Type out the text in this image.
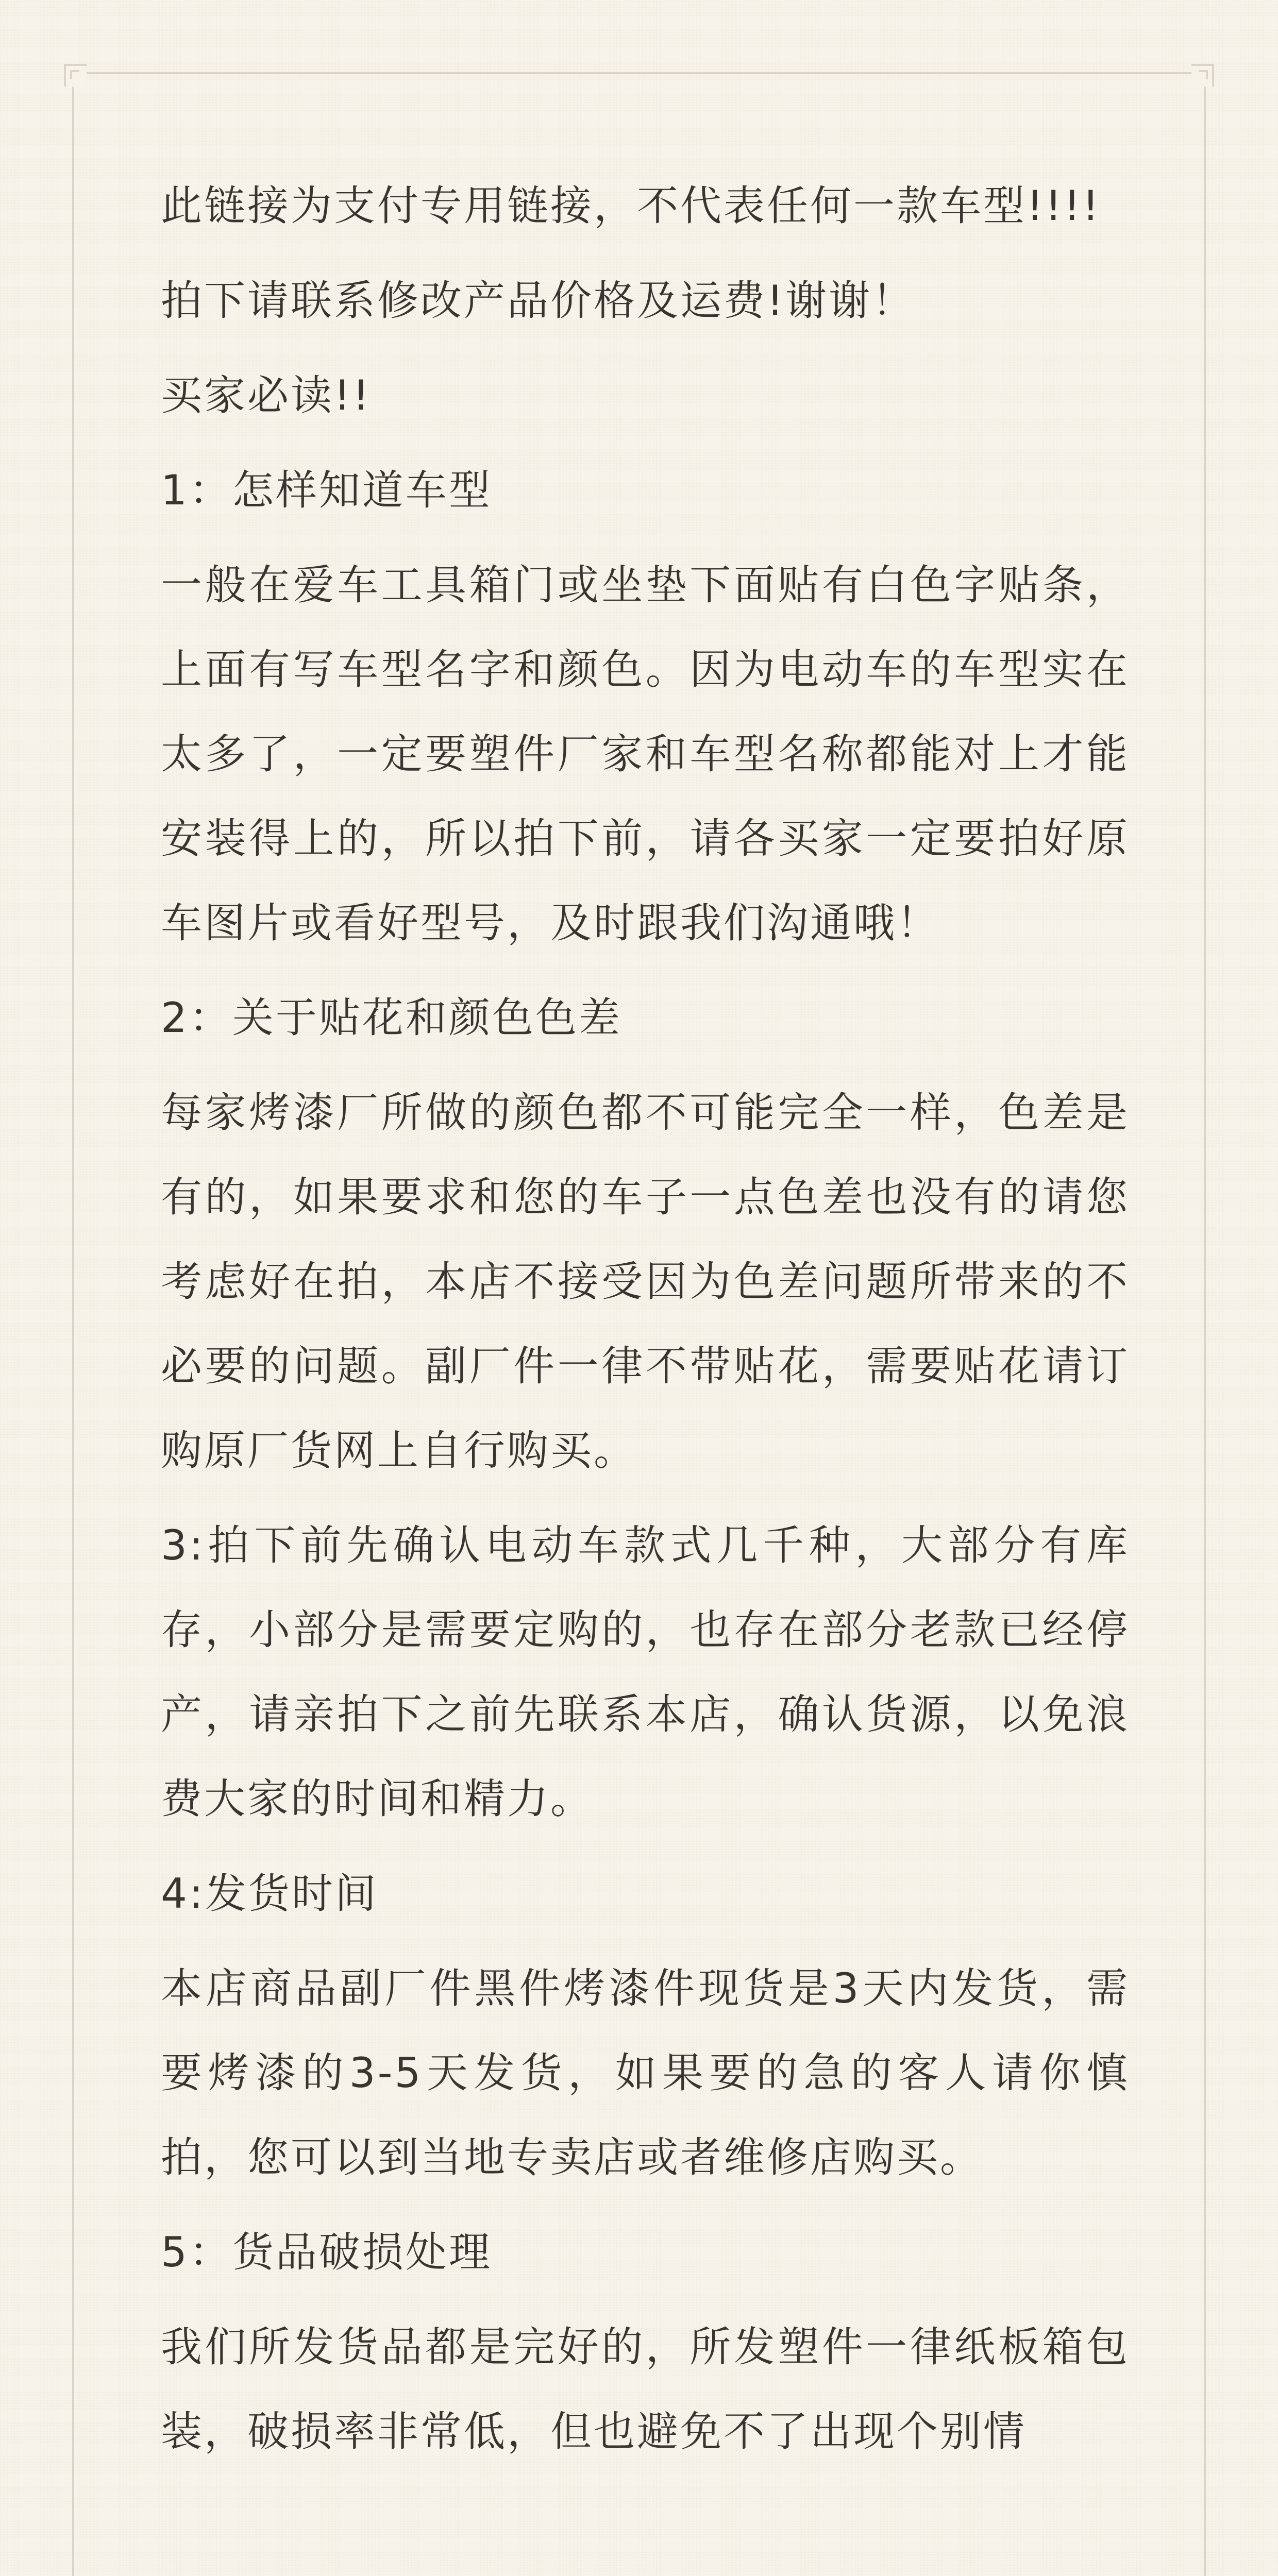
此链接为支付专用链接，不代表任何一款车型!!!!

拍下请联系修改产品价格及运费!谢谢！

买家必读!!

1：怎样知道车型

一般在爱车工具箱门或坐垫下面贴有白色字贴条，上面有写车型名字和颜色。因为电动车的车型实在太多了，一定要塑件厂家和车型名称都能对上才能安装得上的，所以拍下前，请各买家一定要拍好原车图片或看好型号，及时跟我们沟通哦！

2：关于贴花和颜色色差

每家烤漆厂所做的颜色都不可能完全一样，色差是有的，如果要求和您的车子一点色差也没有的请您考虑好在拍，本店不接受因为色差问题所带来的不必要的问题。副厂件一律不带贴花，需要贴花请订购原厂货网上自行购买。

3:拍下前先确认电动车款式几千种，大部分有库存，小部分是需要定购的，也存在部分老款已经停产，请亲拍下之前先联系本店，确认货源，以免浪费大家的时间和精力。

4:发货时间

本店商品副厂件黑件烤漆件现货是3天内发货，需要烤漆的3-5天发货，如果要的急的客人请你慎拍，您可以到当地专卖店或者维修店购买。

5：货品破损处理

我们所发货品都是完好的，所发塑件一律纸板箱包装，破损率非常低，但也避免不了出现个别情
